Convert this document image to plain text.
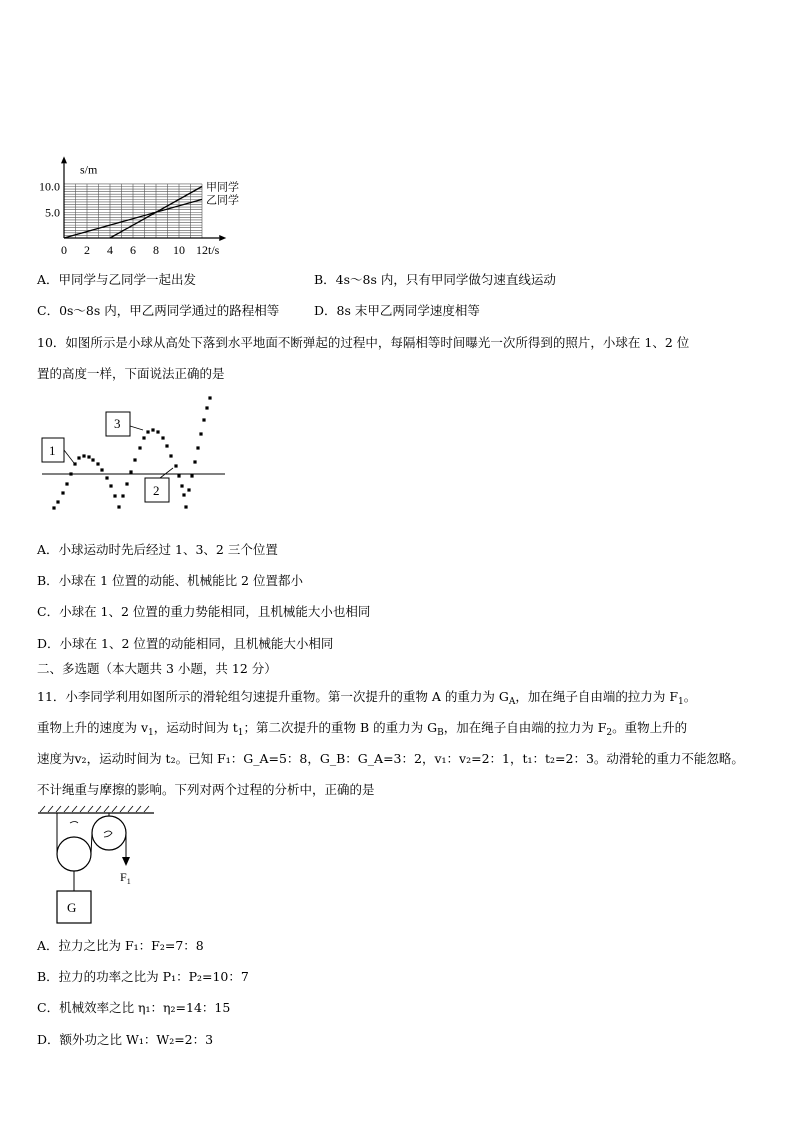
甲同学
乙同学
0 2 4 6 8 10 12
5.0
10.0
t/s
s/m
A．甲同学与乙同学一起出发	B．4s～8s 内，只有甲同学做匀速直线运动
C．0s～8s 内，甲乙两同学通过的路程相等	D．8s 末甲乙两同学速度相等
10．如图所示是小球从高处下落到水平地面不断弹起的过程中，每隔相等时间曝光一次所得到的照片，小球在 1、2 位
置的高度一样，下面说法正确的是
1
3
2
A．小球运动时先后经过 1、3、2 三个位置
B．小球在 1 位置的动能、机械能比 2 位置都小
C．小球在 1、2 位置的重力势能相同，且机械能大小也相同
D．小球在 1、2 位置的动能相同，且机械能大小相同
二、多选题（本大题共 3 小题，共 12 分）
11．小李同学利用如图所示的滑轮组匀速提升重物。第一次提升的重物 A 的重力为 $G_A$，加在绳子自由端的拉力为 $F_1$。
重物上升的速度为 $v_1$，运动时间为 $t_1$；第二次提升的重物 B 的重力为 $G_B$，加在绳子自由端的拉力为 $F_2$。重物上升的
速度为v₂，运动时间为 t₂。已知 F₁：G_A=5：8，G_B：G_A=3：2，v₁：v₂=2：1，t₁：t₂=2：3。动滑轮的重力不能忽略。
不计绳重与摩擦的影响。下列对两个过程的分析中，正确的是
G
$F_1$
A．拉力之比为 F₁：F₂=7：8
B．拉力的功率之比为 P₁：P₂=10：7
C．机械效率之比 η₁：η₂=14：15
D．额外功之比 W₁：W₂=2：3
